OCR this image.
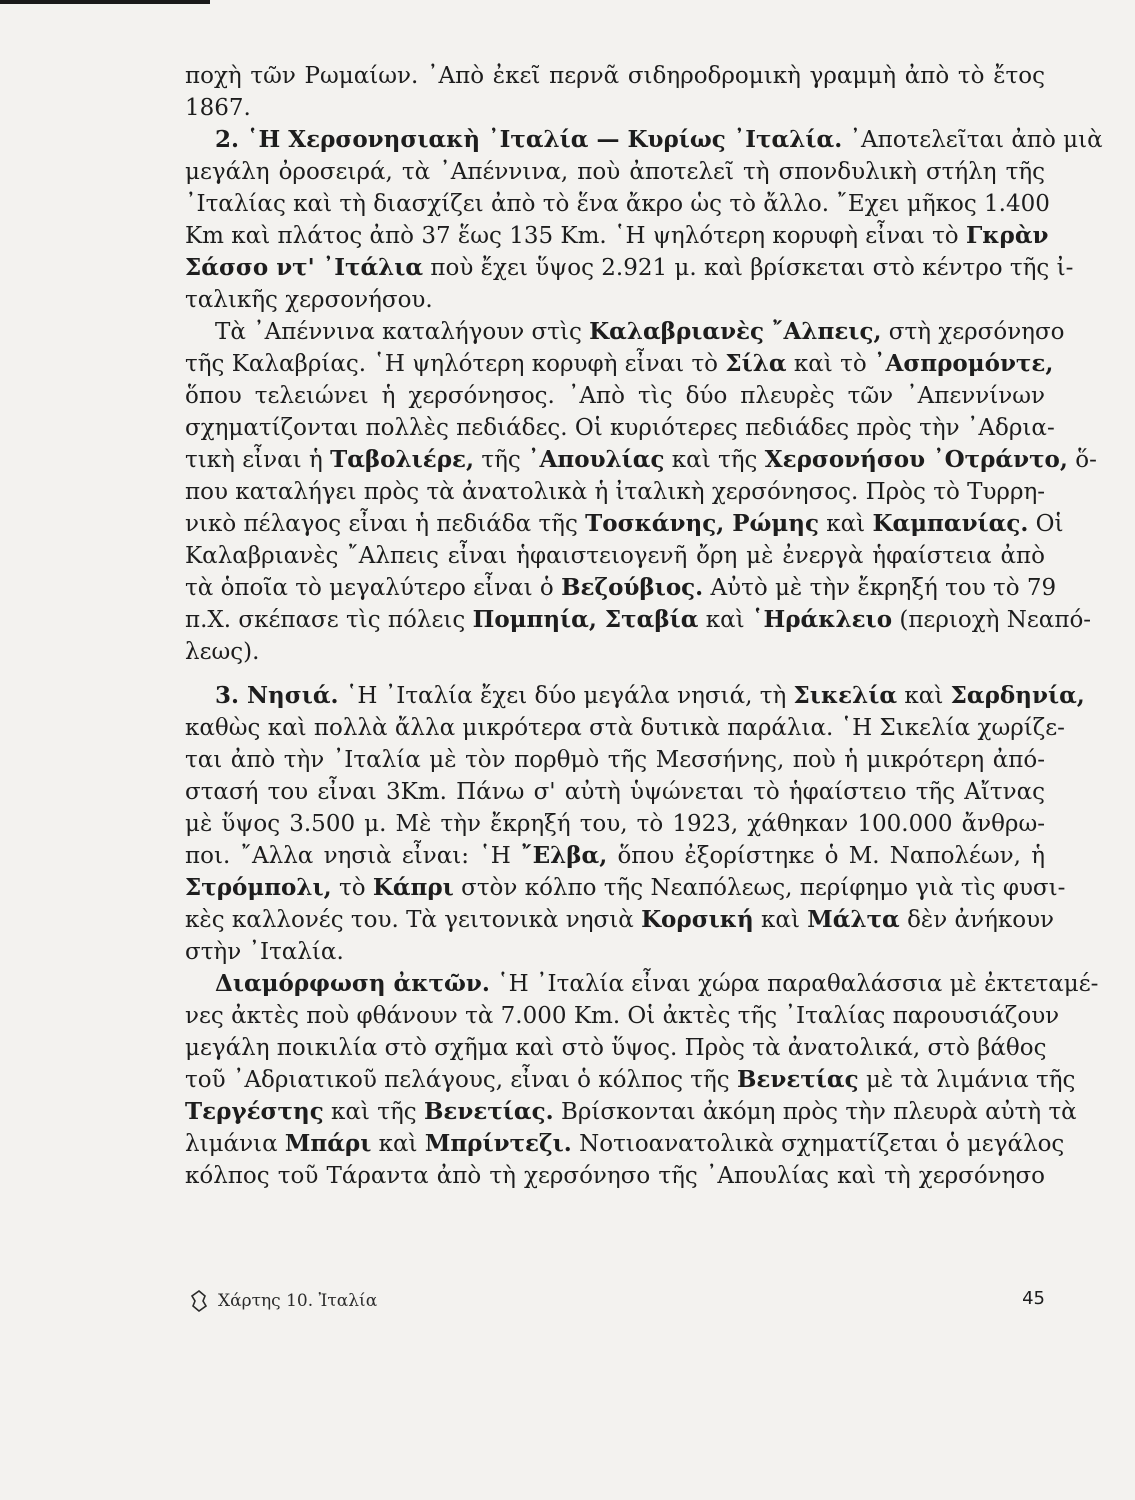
ποχὴ τῶν Ρωμαίων. ᾿Απὸ ἐκεῖ περνᾶ σιδηροδρομικὴ γραμμὴ ἀπὸ τὸ ἔτος
1867.
2. ῾Η Χερσονησιακὴ ᾿Ιταλία — Κυρίως ᾿Ιταλία. ᾿Αποτελεῖται ἀπὸ μιὰ
μεγάλη ὀροσειρά, τὰ ᾿Απέννινα, ποὺ ἀποτελεῖ τὴ σπονδυλικὴ στήλη τῆς
᾿Ιταλίας καὶ τὴ διασχίζει ἀπὸ τὸ ἕνα ἄκρο ὡς τὸ ἄλλο. ῎Εχει μῆκος 1.400
Km καὶ πλάτος ἀπὸ 37 ἕως 135 Km. ῾Η ψηλότερη κορυφὴ εἶναι τὸ Γκρὰν
Σάσσο ντ' ᾿Ιτάλια ποὺ ἔχει ὕψος 2.921 μ. καὶ βρίσκεται στὸ κέντρο τῆς ἰ-
ταλικῆς χερσονήσου.
Τὰ ᾿Απέννινα καταλήγουν στὶς Καλαβριανὲς ῎Αλπεις, στὴ χερσόνησο
τῆς Καλαβρίας. ῾Η ψηλότερη κορυφὴ εἶναι τὸ Σίλα καὶ τὸ ᾿Ασπρομόντε,
ὅπου τελειώνει ἡ χερσόνησος. ᾿Απὸ τὶς δύο πλευρὲς τῶν ᾿Απεννίνων
σχηματίζονται πολλὲς πεδιάδες. Οἱ κυριότερες πεδιάδες πρὸς τὴν ᾿Αδρια-
τικὴ εἶναι ἡ Ταβολιέρε, τῆς ᾿Απουλίας καὶ τῆς Χερσονήσου ᾿Οτράντο, ὅ-
που καταλήγει πρὸς τὰ ἀνατολικὰ ἡ ἰταλικὴ χερσόνησος. Πρὸς τὸ Τυρρη-
νικὸ πέλαγος εἶναι ἡ πεδιάδα τῆς Τοσκάνης, Ρώμης καὶ Καμπανίας. Οἱ
Καλαβριανὲς ῎Αλπεις εἶναι ἡφαιστειογενῆ ὄρη μὲ ἐνεργὰ ἡφαίστεια ἀπὸ
τὰ ὁποῖα τὸ μεγαλύτερο εἶναι ὁ Βεζούβιος. Αὐτὸ μὲ τὴν ἔκρηξή του τὸ 79
π.Χ. σκέπασε τὶς πόλεις Πομπηία, Σταβία καὶ ῾Ηράκλειο (περιοχὴ Νεαπό-
λεως).
3. Νησιά. ῾Η ᾿Ιταλία ἔχει δύο μεγάλα νησιά, τὴ Σικελία καὶ Σαρδηνία,
καθὼς καὶ πολλὰ ἄλλα μικρότερα στὰ δυτικὰ παράλια. ῾Η Σικελία χωρίζε-
ται ἀπὸ τὴν ᾿Ιταλία μὲ τὸν πορθμὸ τῆς Μεσσήνης, ποὺ ἡ μικρότερη ἀπό-
στασή του εἶναι 3Km. Πάνω σ' αὐτὴ ὑψώνεται τὸ ἡφαίστειο τῆς Αἴτνας
μὲ ὕψος 3.500 μ. Μὲ τὴν ἔκρηξή του, τὸ 1923, χάθηκαν 100.000 ἄνθρω-
ποι. ῎Αλλα νησιὰ εἶναι: ῾Η ῎Ελβα, ὅπου ἐξορίστηκε ὁ Μ. Ναπολέων, ἡ
Στρόμπολι, τὸ Κάπρι στὸν κόλπο τῆς Νεαπόλεως, περίφημο γιὰ τὶς φυσι-
κὲς καλλονές του. Τὰ γειτονικὰ νησιὰ Κορσική καὶ Μάλτα δὲν ἀνήκουν
στὴν ᾿Ιταλία.
Διαμόρφωση ἀκτῶν. ῾Η ᾿Ιταλία εἶναι χώρα παραθαλάσσια μὲ ἐκτεταμέ-
νες ἀκτὲς ποὺ φθάνουν τὰ 7.000 Km. Οἱ ἀκτὲς τῆς ᾿Ιταλίας παρουσιάζουν
μεγάλη ποικιλία στὸ σχῆμα καὶ στὸ ὕψος. Πρὸς τὰ ἀνατολικά, στὸ βάθος
τοῦ ᾿Αδριατικοῦ πελάγους, εἶναι ὁ κόλπος τῆς Βενετίας μὲ τὰ λιμάνια τῆς
Τεργέστης καὶ τῆς Βενετίας. Βρίσκονται ἀκόμη πρὸς τὴν πλευρὰ αὐτὴ τὰ
λιμάνια Μπάρι καὶ Μπρίντεζι. Νοτιοανατολικὰ σχηματίζεται ὁ μεγάλος
κόλπος τοῦ Τάραντα ἀπὸ τὴ χερσόνησο τῆς ᾿Απουλίας καὶ τὴ χερσόνησο
Χάρτης 10. Ἰταλία	45
